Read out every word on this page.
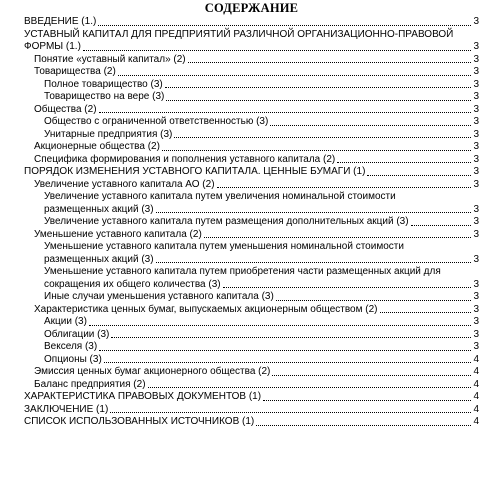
СОДЕРЖАНИЕ
ВВЕДЕНИЕ (1.)	3
УСТАВНЫЙ КАПИТАЛ ДЛЯ ПРЕДПРИЯТИЙ РАЗЛИЧНОЙ ОРГАНИЗАЦИОННО-ПРАВОВОЙ
ФОРМЫ (1.)	3
Понятие «уставный капитал» (2)	3
Товарищества (2)	3
Полное товарищество (3)	3
Товарищество на вере (3)	3
Общества (2)	3
Общество с ограниченной ответственностью (3)	3
Унитарные предприятия (3)	3
Акционерные общества (2)	3
Специфика формирования и пополнения уставного капитала (2)	3
ПОРЯДОК ИЗМЕНЕНИЯ УСТАВНОГО КАПИТАЛА. ЦЕННЫЕ БУМАГИ (1)	3
Увеличение уставного капитала АО (2)	3
Увеличение уставного капитала путем увеличения номинальной стоимости
размещенных акций (3)	3
Увеличение уставного капитала путем размещения дополнительных акций (3)	3
Уменьшение уставного капитала (2)	3
Уменьшение уставного капитала путем уменьшения номинальной стоимости
размещенных акций (3)	3
Уменьшение уставного капитала путем приобретения части размещенных акций для
сокращения их общего количества (3)	3
Иные случаи уменьшения уставного капитала (3)	3
Характеристика ценных бумаг, выпускаемых акционерным обществом (2)	3
Акции (3)	3
Облигации (3)	3
Векселя (3)	3
Опционы (3)	4
Эмиссия ценных бумаг акционерного общества (2)	4
Баланс предприятия (2)	4
ХАРАКТЕРИСТИКА ПРАВОВЫХ ДОКУМЕНТОВ (1)	4
ЗАКЛЮЧЕНИЕ (1)	4
СПИСОК ИСПОЛЬЗОВАННЫХ ИСТОЧНИКОВ (1)	4
